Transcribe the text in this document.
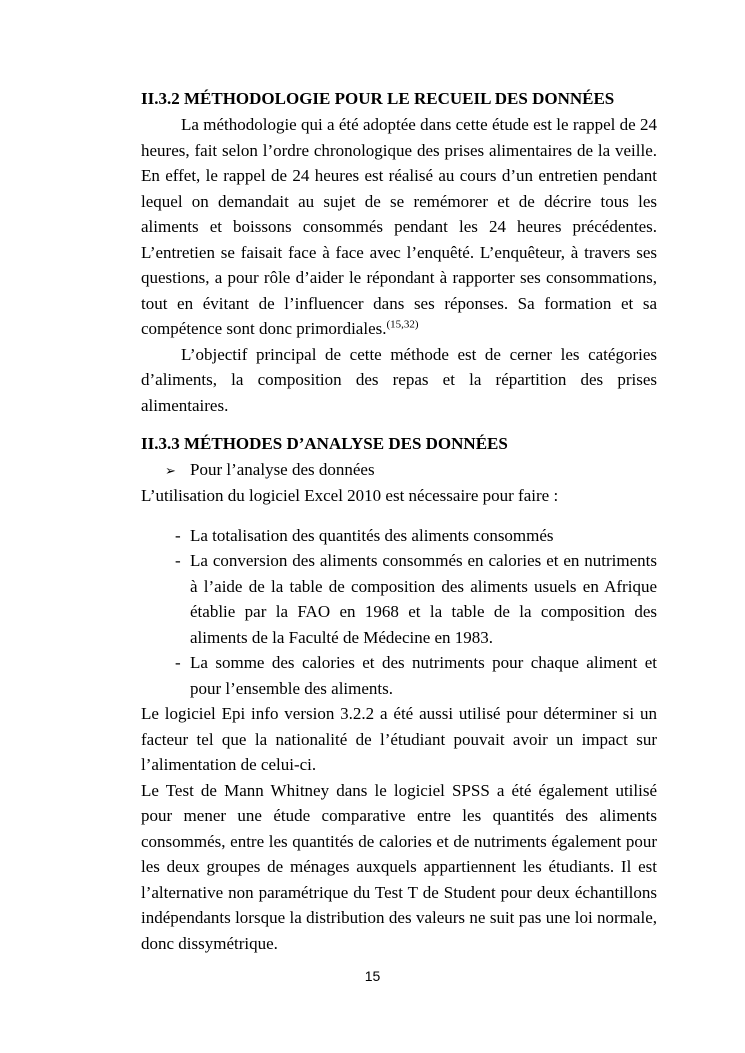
II.3.2 MÉTHODOLOGIE POUR LE RECUEIL DES DONNÉES

La méthodologie qui a été adoptée dans cette étude est le rappel de 24 heures, fait selon l’ordre chronologique des prises alimentaires de la veille. En effet, le rappel de 24 heures est réalisé au cours d’un entretien pendant lequel on demandait au sujet de se remémorer et de décrire tous les aliments et boissons consommés pendant les 24 heures précédentes. L’entretien se faisait face à face avec l’enquêté. L’enquêteur, à travers ses questions, a pour rôle d’aider le répondant à rapporter ses consommations, tout en évitant de l’influencer dans ses réponses. Sa formation et sa compétence sont donc primordiales.$^{(15,32)}$

L’objectif principal de cette méthode est de cerner les catégories d’aliments, la composition des repas et la répartition des prises alimentaires.

II.3.3 MÉTHODES D’ANALYSE DES DONNÉES
➢ Pour l’analyse des données

L’utilisation du logiciel Excel 2010 est nécessaire pour faire :

- La totalisation des quantités des aliments consommés
- La conversion des aliments consommés en calories et en nutriments à l’aide de la table de composition des aliments usuels en Afrique établie par la FAO en 1968 et la table de la composition des aliments de la Faculté de Médecine en 1983.
- La somme des calories et des nutriments pour chaque aliment et pour l’ensemble des aliments.

Le logiciel Epi info version 3.2.2 a été aussi utilisé pour déterminer si un facteur tel que la nationalité de l’étudiant pouvait avoir un impact sur l’alimentation de celui-ci.

Le Test de Mann Whitney dans le logiciel SPSS a été également utilisé pour mener une étude comparative entre les quantités des aliments consommés, entre les quantités de calories et de nutriments également pour les deux groupes de ménages auxquels appartiennent les étudiants. Il est l’alternative non paramétrique du Test T de Student pour deux échantillons indépendants lorsque la distribution des valeurs ne suit pas une loi normale, donc dissymétrique.

15
